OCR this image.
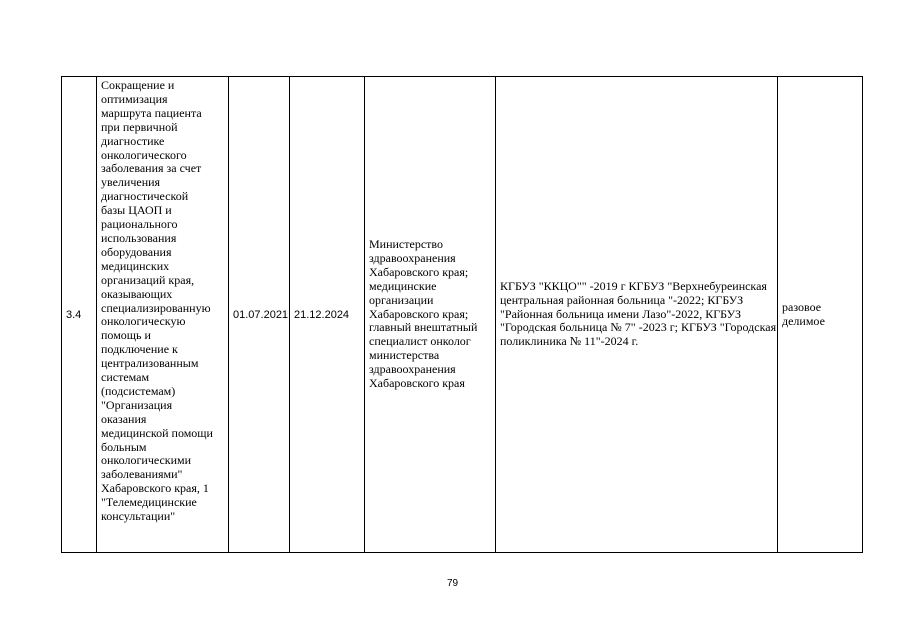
3.4	Сокращение и
оптимизация
маршрута пациента
при первичной
диагностике
онкологического
заболевания за счет
увеличения
диагностической
базы ЦАОП и
рационального
использования
оборудования
медицинских
организаций края,
оказывающих
специализированную
онкологическую
помощь и
подключение к
централизованным
системам
(подсистемам)
"Организация
оказания
медицинской помощи
больным
онкологическими
заболеваниями"
Хабаровского края, 1
"Телемедицинские
консультации"	01.07.2021	21.12.2024	Министерство здравоохранения Хабаровского края; медицинские организации Хабаровского края; главный внештатный специалист онколог министерства здравоохранения Хабаровского края	КГБУЗ "ККЦО"" -2019 г КГБУЗ "Верхнебуреинская центральная районная больница "-2022; КГБУЗ "Районная больница имени Лазо"-2022, КГБУЗ "Городская больница № 7" -2023 г; КГБУЗ "Городская поликлиника № 11"-2024 г.	разовое делимое
79
